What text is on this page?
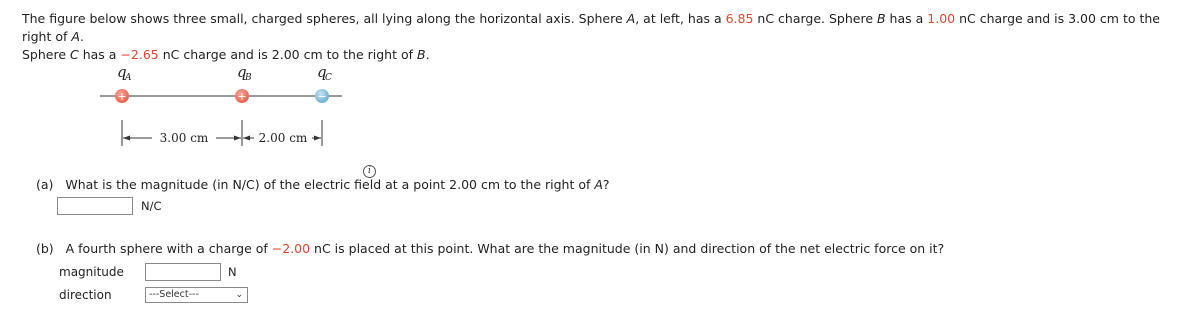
The figure below shows three small, charged spheres, all lying along the horizontal axis. Sphere A, at left, has a 6.85 nC charge. Sphere B has a 1.00 nC charge and is 3.00 cm to the right of A.
Sphere C has a −2.65 nC charge and is 2.00 cm to the right of B.
q
A	q
B	q
C
+	+	−
3.00 cm	2.00 cm
i
(a) What is the magnitude (in N/C) of the electric field at a point 2.00 cm to the right of A?
N/C
(b) A fourth sphere with a charge of −2.00 nC is placed at this point. What are the magnitude (in N) and direction of the net electric force on it?
magnitude	N
direction	---Select---	⌄
